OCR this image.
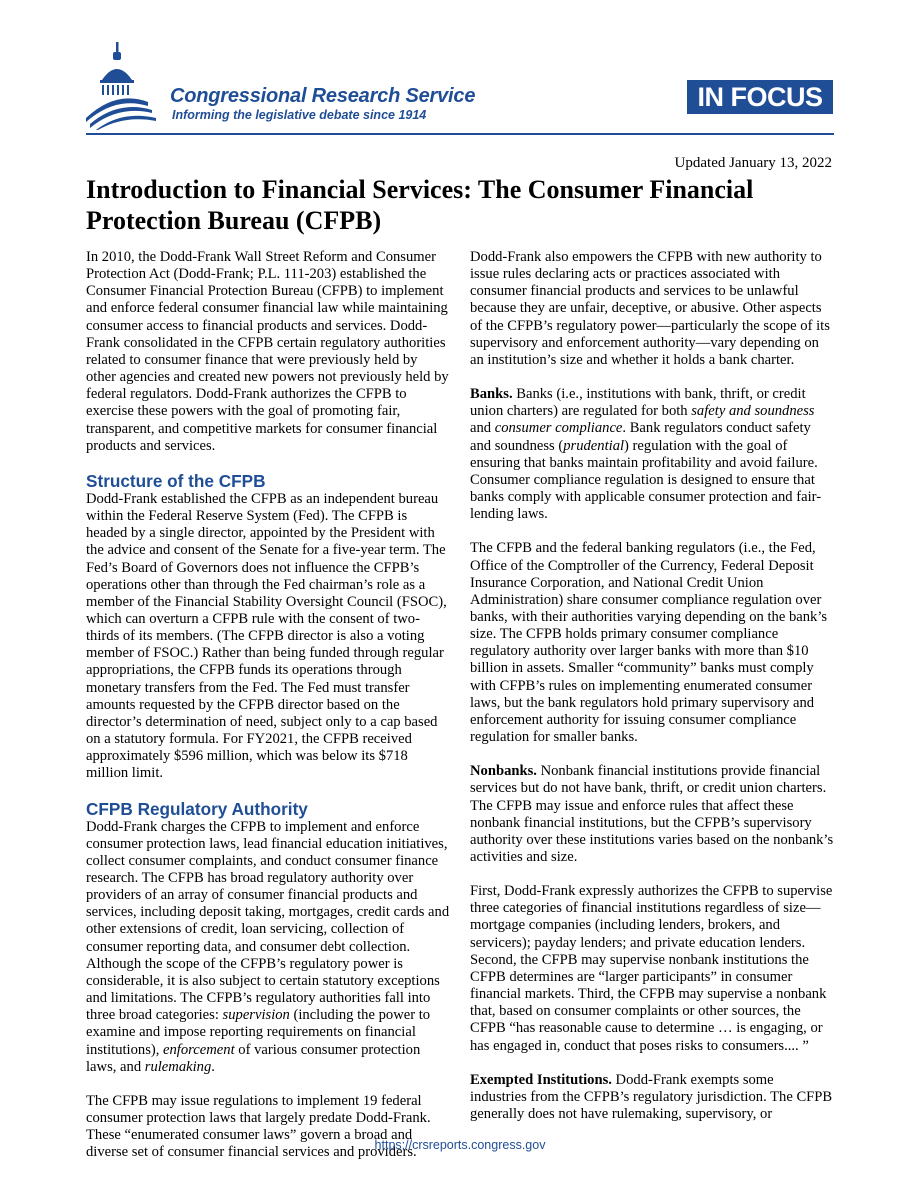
Congressional Research Service
Informing the legislative debate since 1914
IN FOCUS
Updated January 13, 2022
Introduction to Financial Services: The Consumer Financial Protection Bureau (CFPB)

In 2010, the Dodd-Frank Wall Street Reform and Consumer Protection Act (Dodd-Frank; P.L. 111-203) established the Consumer Financial Protection Bureau (CFPB) to implement and enforce federal consumer financial law while maintaining consumer access to financial products and services. Dodd-Frank consolidated in the CFPB certain regulatory authorities related to consumer finance that were previously held by other agencies and created new powers not previously held by federal regulators. Dodd-Frank authorizes the CFPB to exercise these powers with the goal of promoting fair, transparent, and competitive markets for consumer financial products and services.

Structure of the CFPB

Dodd-Frank established the CFPB as an independent bureau within the Federal Reserve System (Fed). The CFPB is headed by a single director, appointed by the President with the advice and consent of the Senate for a five-year term. The Fed’s Board of Governors does not influence the CFPB’s operations other than through the Fed chairman’s role as a member of the Financial Stability Oversight Council (FSOC), which can overturn a CFPB rule with the consent of two-thirds of its members. (The CFPB director is also a voting member of FSOC.) Rather than being funded through regular appropriations, the CFPB funds its operations through monetary transfers from the Fed. The Fed must transfer amounts requested by the CFPB director based on the director’s determination of need, subject only to a cap based on a statutory formula. For FY2021, the CFPB received approximately $596 million, which was below its $718 million limit.

CFPB Regulatory Authority

Dodd-Frank charges the CFPB to implement and enforce consumer protection laws, lead financial education initiatives, collect consumer complaints, and conduct consumer finance research. The CFPB has broad regulatory authority over providers of an array of consumer financial products and services, including deposit taking, mortgages, credit cards and other extensions of credit, loan servicing, collection of consumer reporting data, and consumer debt collection. Although the scope of the CFPB’s regulatory power is considerable, it is also subject to certain statutory exceptions and limitations. The CFPB’s regulatory authorities fall into three broad categories: supervision (including the power to examine and impose reporting requirements on financial institutions), enforcement of various consumer protection laws, and rulemaking.

The CFPB may issue regulations to implement 19 federal consumer protection laws that largely predate Dodd-Frank. These “enumerated consumer laws” govern a broad and diverse set of consumer financial services and providers.

Dodd-Frank also empowers the CFPB with new authority to issue rules declaring acts or practices associated with consumer financial products and services to be unlawful because they are unfair, deceptive, or abusive. Other aspects of the CFPB’s regulatory power—particularly the scope of its supervisory and enforcement authority—vary depending on an institution’s size and whether it holds a bank charter.

Banks. Banks (i.e., institutions with bank, thrift, or credit union charters) are regulated for both safety and soundness and consumer compliance. Bank regulators conduct safety and soundness (prudential) regulation with the goal of ensuring that banks maintain profitability and avoid failure. Consumer compliance regulation is designed to ensure that banks comply with applicable consumer protection and fair-lending laws.

The CFPB and the federal banking regulators (i.e., the Fed, Office of the Comptroller of the Currency, Federal Deposit Insurance Corporation, and National Credit Union Administration) share consumer compliance regulation over banks, with their authorities varying depending on the bank’s size. The CFPB holds primary consumer compliance regulatory authority over larger banks with more than $10 billion in assets. Smaller “community” banks must comply with CFPB’s rules on implementing enumerated consumer laws, but the bank regulators hold primary supervisory and enforcement authority for issuing consumer compliance regulation for smaller banks.

Nonbanks. Nonbank financial institutions provide financial services but do not have bank, thrift, or credit union charters. The CFPB may issue and enforce rules that affect these nonbank financial institutions, but the CFPB’s supervisory authority over these institutions varies based on the nonbank’s activities and size.

First, Dodd-Frank expressly authorizes the CFPB to supervise three categories of financial institutions regardless of size—mortgage companies (including lenders, brokers, and servicers); payday lenders; and private education lenders. Second, the CFPB may supervise nonbank institutions the CFPB determines are “larger participants” in consumer financial markets. Third, the CFPB may supervise a nonbank that, based on consumer complaints or other sources, the CFPB “has reasonable cause to determine … is engaging, or has engaged in, conduct that poses risks to consumers.... ”

Exempted Institutions. Dodd-Frank exempts some industries from the CFPB’s regulatory jurisdiction. The CFPB generally does not have rulemaking, supervisory, or

https://crsreports.congress.gov
